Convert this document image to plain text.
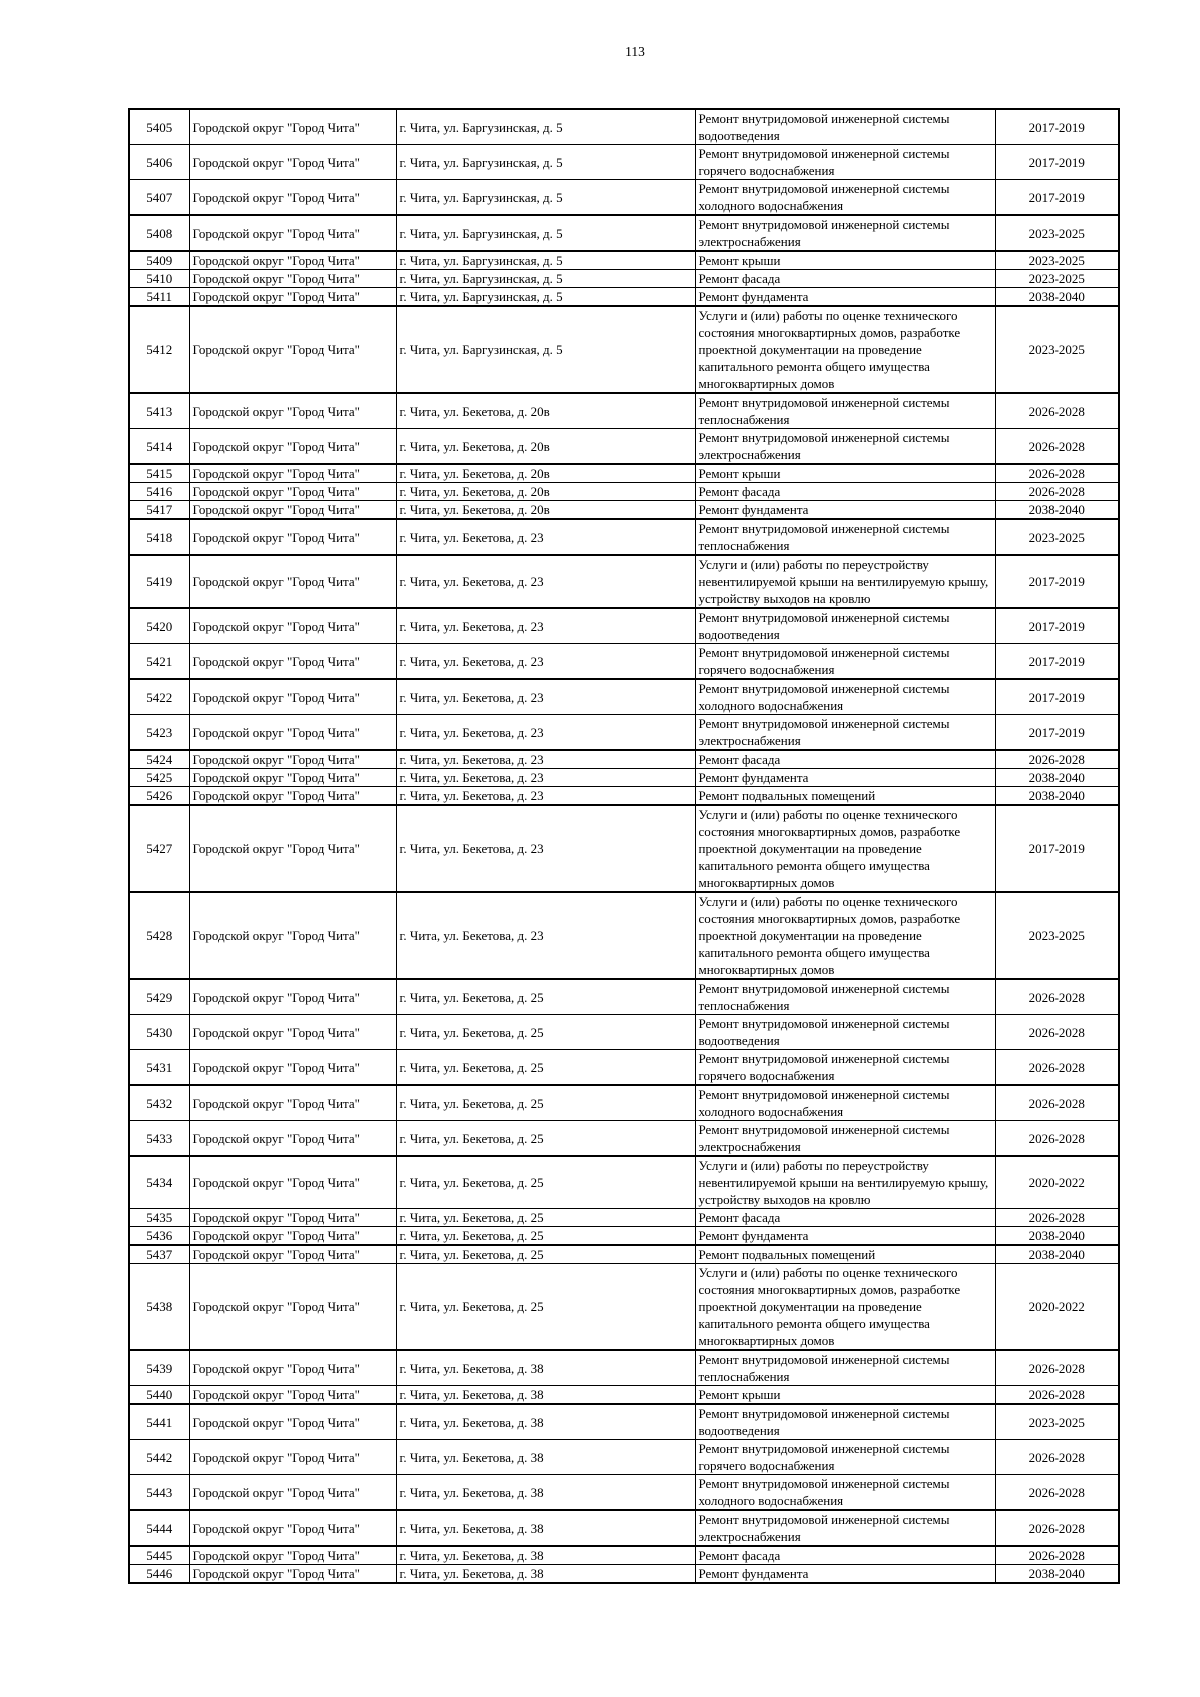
113
5405	Городской округ "Город Чита"	г. Чита, ул. Баргузинская, д. 5	Ремонт внутридомовой инженерной системы водоотведения	2017-2019
5406	Городской округ "Город Чита"	г. Чита, ул. Баргузинская, д. 5	Ремонт внутридомовой инженерной системы горячего водоснабжения	2017-2019
5407	Городской округ "Город Чита"	г. Чита, ул. Баргузинская, д. 5	Ремонт внутридомовой инженерной системы холодного водоснабжения	2017-2019
5408	Городской округ "Город Чита"	г. Чита, ул. Баргузинская, д. 5	Ремонт внутридомовой инженерной системы электроснабжения	2023-2025
5409	Городской округ "Город Чита"	г. Чита, ул. Баргузинская, д. 5	Ремонт крыши	2023-2025
5410	Городской округ "Город Чита"	г. Чита, ул. Баргузинская, д. 5	Ремонт фасада	2023-2025
5411	Городской округ "Город Чита"	г. Чита, ул. Баргузинская, д. 5	Ремонт фундамента	2038-2040
5412	Городской округ "Город Чита"	г. Чита, ул. Баргузинская, д. 5	Услуги и (или) работы по оценке технического состояния многоквартирных домов, разработке проектной документации на проведение капитального ремонта общего имущества многоквартирных домов	2023-2025
5413	Городской округ "Город Чита"	г. Чита, ул. Бекетова, д. 20в	Ремонт внутридомовой инженерной системы теплоснабжения	2026-2028
5414	Городской округ "Город Чита"	г. Чита, ул. Бекетова, д. 20в	Ремонт внутридомовой инженерной системы электроснабжения	2026-2028
5415	Городской округ "Город Чита"	г. Чита, ул. Бекетова, д. 20в	Ремонт крыши	2026-2028
5416	Городской округ "Город Чита"	г. Чита, ул. Бекетова, д. 20в	Ремонт фасада	2026-2028
5417	Городской округ "Город Чита"	г. Чита, ул. Бекетова, д. 20в	Ремонт фундамента	2038-2040
5418	Городской округ "Город Чита"	г. Чита, ул. Бекетова, д. 23	Ремонт внутридомовой инженерной системы теплоснабжения	2023-2025
5419	Городской округ "Город Чита"	г. Чита, ул. Бекетова, д. 23	Услуги и (или) работы по переустройству невентилируемой крыши на вентилируемую крышу, устройству выходов на кровлю	2017-2019
5420	Городской округ "Город Чита"	г. Чита, ул. Бекетова, д. 23	Ремонт внутридомовой инженерной системы водоотведения	2017-2019
5421	Городской округ "Город Чита"	г. Чита, ул. Бекетова, д. 23	Ремонт внутридомовой инженерной системы горячего водоснабжения	2017-2019
5422	Городской округ "Город Чита"	г. Чита, ул. Бекетова, д. 23	Ремонт внутридомовой инженерной системы холодного водоснабжения	2017-2019
5423	Городской округ "Город Чита"	г. Чита, ул. Бекетова, д. 23	Ремонт внутридомовой инженерной системы электроснабжения	2017-2019
5424	Городской округ "Город Чита"	г. Чита, ул. Бекетова, д. 23	Ремонт фасада	2026-2028
5425	Городской округ "Город Чита"	г. Чита, ул. Бекетова, д. 23	Ремонт фундамента	2038-2040
5426	Городской округ "Город Чита"	г. Чита, ул. Бекетова, д. 23	Ремонт подвальных помещений	2038-2040
5427	Городской округ "Город Чита"	г. Чита, ул. Бекетова, д. 23	Услуги и (или) работы по оценке технического состояния многоквартирных домов, разработке проектной документации на проведение капитального ремонта общего имущества многоквартирных домов	2017-2019
5428	Городской округ "Город Чита"	г. Чита, ул. Бекетова, д. 23	Услуги и (или) работы по оценке технического состояния многоквартирных домов, разработке проектной документации на проведение капитального ремонта общего имущества многоквартирных домов	2023-2025
5429	Городской округ "Город Чита"	г. Чита, ул. Бекетова, д. 25	Ремонт внутридомовой инженерной системы теплоснабжения	2026-2028
5430	Городской округ "Город Чита"	г. Чита, ул. Бекетова, д. 25	Ремонт внутридомовой инженерной системы водоотведения	2026-2028
5431	Городской округ "Город Чита"	г. Чита, ул. Бекетова, д. 25	Ремонт внутридомовой инженерной системы горячего водоснабжения	2026-2028
5432	Городской округ "Город Чита"	г. Чита, ул. Бекетова, д. 25	Ремонт внутридомовой инженерной системы холодного водоснабжения	2026-2028
5433	Городской округ "Город Чита"	г. Чита, ул. Бекетова, д. 25	Ремонт внутридомовой инженерной системы электроснабжения	2026-2028
5434	Городской округ "Город Чита"	г. Чита, ул. Бекетова, д. 25	Услуги и (или) работы по переустройству невентилируемой крыши на вентилируемую крышу, устройству выходов на кровлю	2020-2022
5435	Городской округ "Город Чита"	г. Чита, ул. Бекетова, д. 25	Ремонт фасада	2026-2028
5436	Городской округ "Город Чита"	г. Чита, ул. Бекетова, д. 25	Ремонт фундамента	2038-2040
5437	Городской округ "Город Чита"	г. Чита, ул. Бекетова, д. 25	Ремонт подвальных помещений	2038-2040
5438	Городской округ "Город Чита"	г. Чита, ул. Бекетова, д. 25	Услуги и (или) работы по оценке технического состояния многоквартирных домов, разработке проектной документации на проведение капитального ремонта общего имущества многоквартирных домов	2020-2022
5439	Городской округ "Город Чита"	г. Чита, ул. Бекетова, д. 38	Ремонт внутридомовой инженерной системы теплоснабжения	2026-2028
5440	Городской округ "Город Чита"	г. Чита, ул. Бекетова, д. 38	Ремонт крыши	2026-2028
5441	Городской округ "Город Чита"	г. Чита, ул. Бекетова, д. 38	Ремонт внутридомовой инженерной системы водоотведения	2023-2025
5442	Городской округ "Город Чита"	г. Чита, ул. Бекетова, д. 38	Ремонт внутридомовой инженерной системы горячего водоснабжения	2026-2028
5443	Городской округ "Город Чита"	г. Чита, ул. Бекетова, д. 38	Ремонт внутридомовой инженерной системы холодного водоснабжения	2026-2028
5444	Городской округ "Город Чита"	г. Чита, ул. Бекетова, д. 38	Ремонт внутридомовой инженерной системы электроснабжения	2026-2028
5445	Городской округ "Город Чита"	г. Чита, ул. Бекетова, д. 38	Ремонт фасада	2026-2028
5446	Городской округ "Город Чита"	г. Чита, ул. Бекетова, д. 38	Ремонт фундамента	2038-2040
